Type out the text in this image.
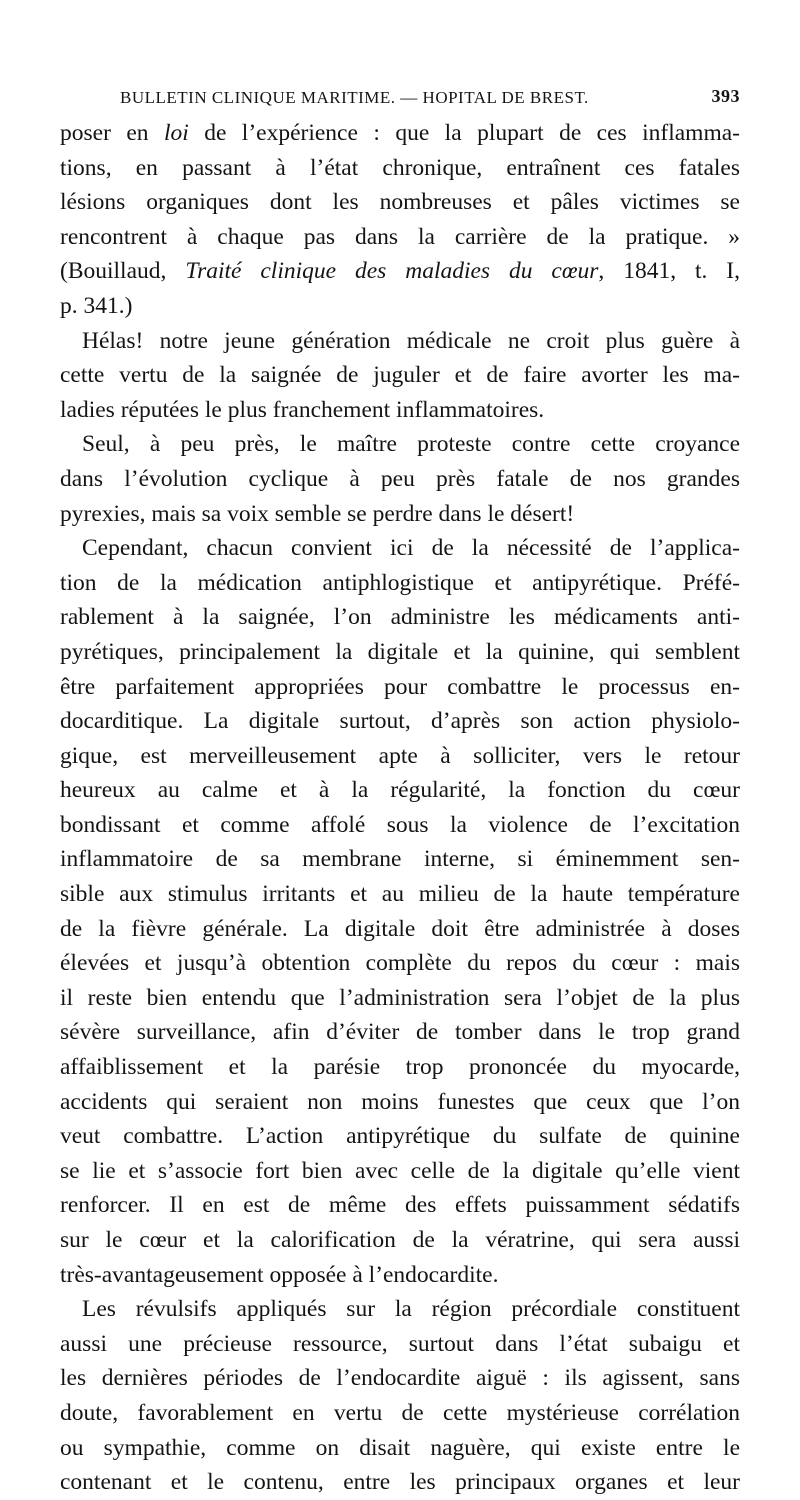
BULLETIN CLINIQUE MARITIME. — HOPITAL DE BREST.	393
poser en loi de l’expérience : que la plupart de ces inflamma-
tions, en passant à l’état chronique, entraînent ces fatales
lésions organiques dont les nombreuses et pâles victimes se
rencontrent à chaque pas dans la carrière de la pratique. »
(Bouillaud, Traité clinique des maladies du cœur, 1841, t. I,
p. 341.)
Hélas! notre jeune génération médicale ne croit plus guère à
cette vertu de la saignée de juguler et de faire avorter les ma-
ladies réputées le plus franchement inflammatoires.
Seul, à peu près, le maître proteste contre cette croyance
dans l’évolution cyclique à peu près fatale de nos grandes
pyrexies, mais sa voix semble se perdre dans le désert!
Cependant, chacun convient ici de la nécessité de l’applica-
tion de la médication antiphlogistique et antipyrétique. Préfé-
rablement à la saignée, l’on administre les médicaments anti-
pyrétiques, principalement la digitale et la quinine, qui semblent
être parfaitement appropriées pour combattre le processus en-
docarditique. La digitale surtout, d’après son action physiolo-
gique, est merveilleusement apte à solliciter, vers le retour
heureux au calme et à la régularité, la fonction du cœur
bondissant et comme affolé sous la violence de l’excitation
inflammatoire de sa membrane interne, si éminemment sen-
sible aux stimulus irritants et au milieu de la haute température
de la fièvre générale. La digitale doit être administrée à doses
élevées et jusqu’à obtention complète du repos du cœur : mais
il reste bien entendu que l’administration sera l’objet de la plus
sévère surveillance, afin d’éviter de tomber dans le trop grand
affaiblissement et la parésie trop prononcée du myocarde,
accidents qui seraient non moins funestes que ceux que l’on
veut combattre. L’action antipyrétique du sulfate de quinine
se lie et s’associe fort bien avec celle de la digitale qu’elle vient
renforcer. Il en est de même des effets puissamment sédatifs
sur le cœur et la calorification de la vératrine, qui sera aussi
très-avantageusement opposée à l’endocardite.
Les révulsifs appliqués sur la région précordiale constituent
aussi une précieuse ressource, surtout dans l’état subaigu et
les dernières périodes de l’endocardite aiguë : ils agissent, sans
doute, favorablement en vertu de cette mystérieuse corrélation
ou sympathie, comme on disait naguère, qui existe entre le
contenant et le contenu, entre les principaux organes et leur
